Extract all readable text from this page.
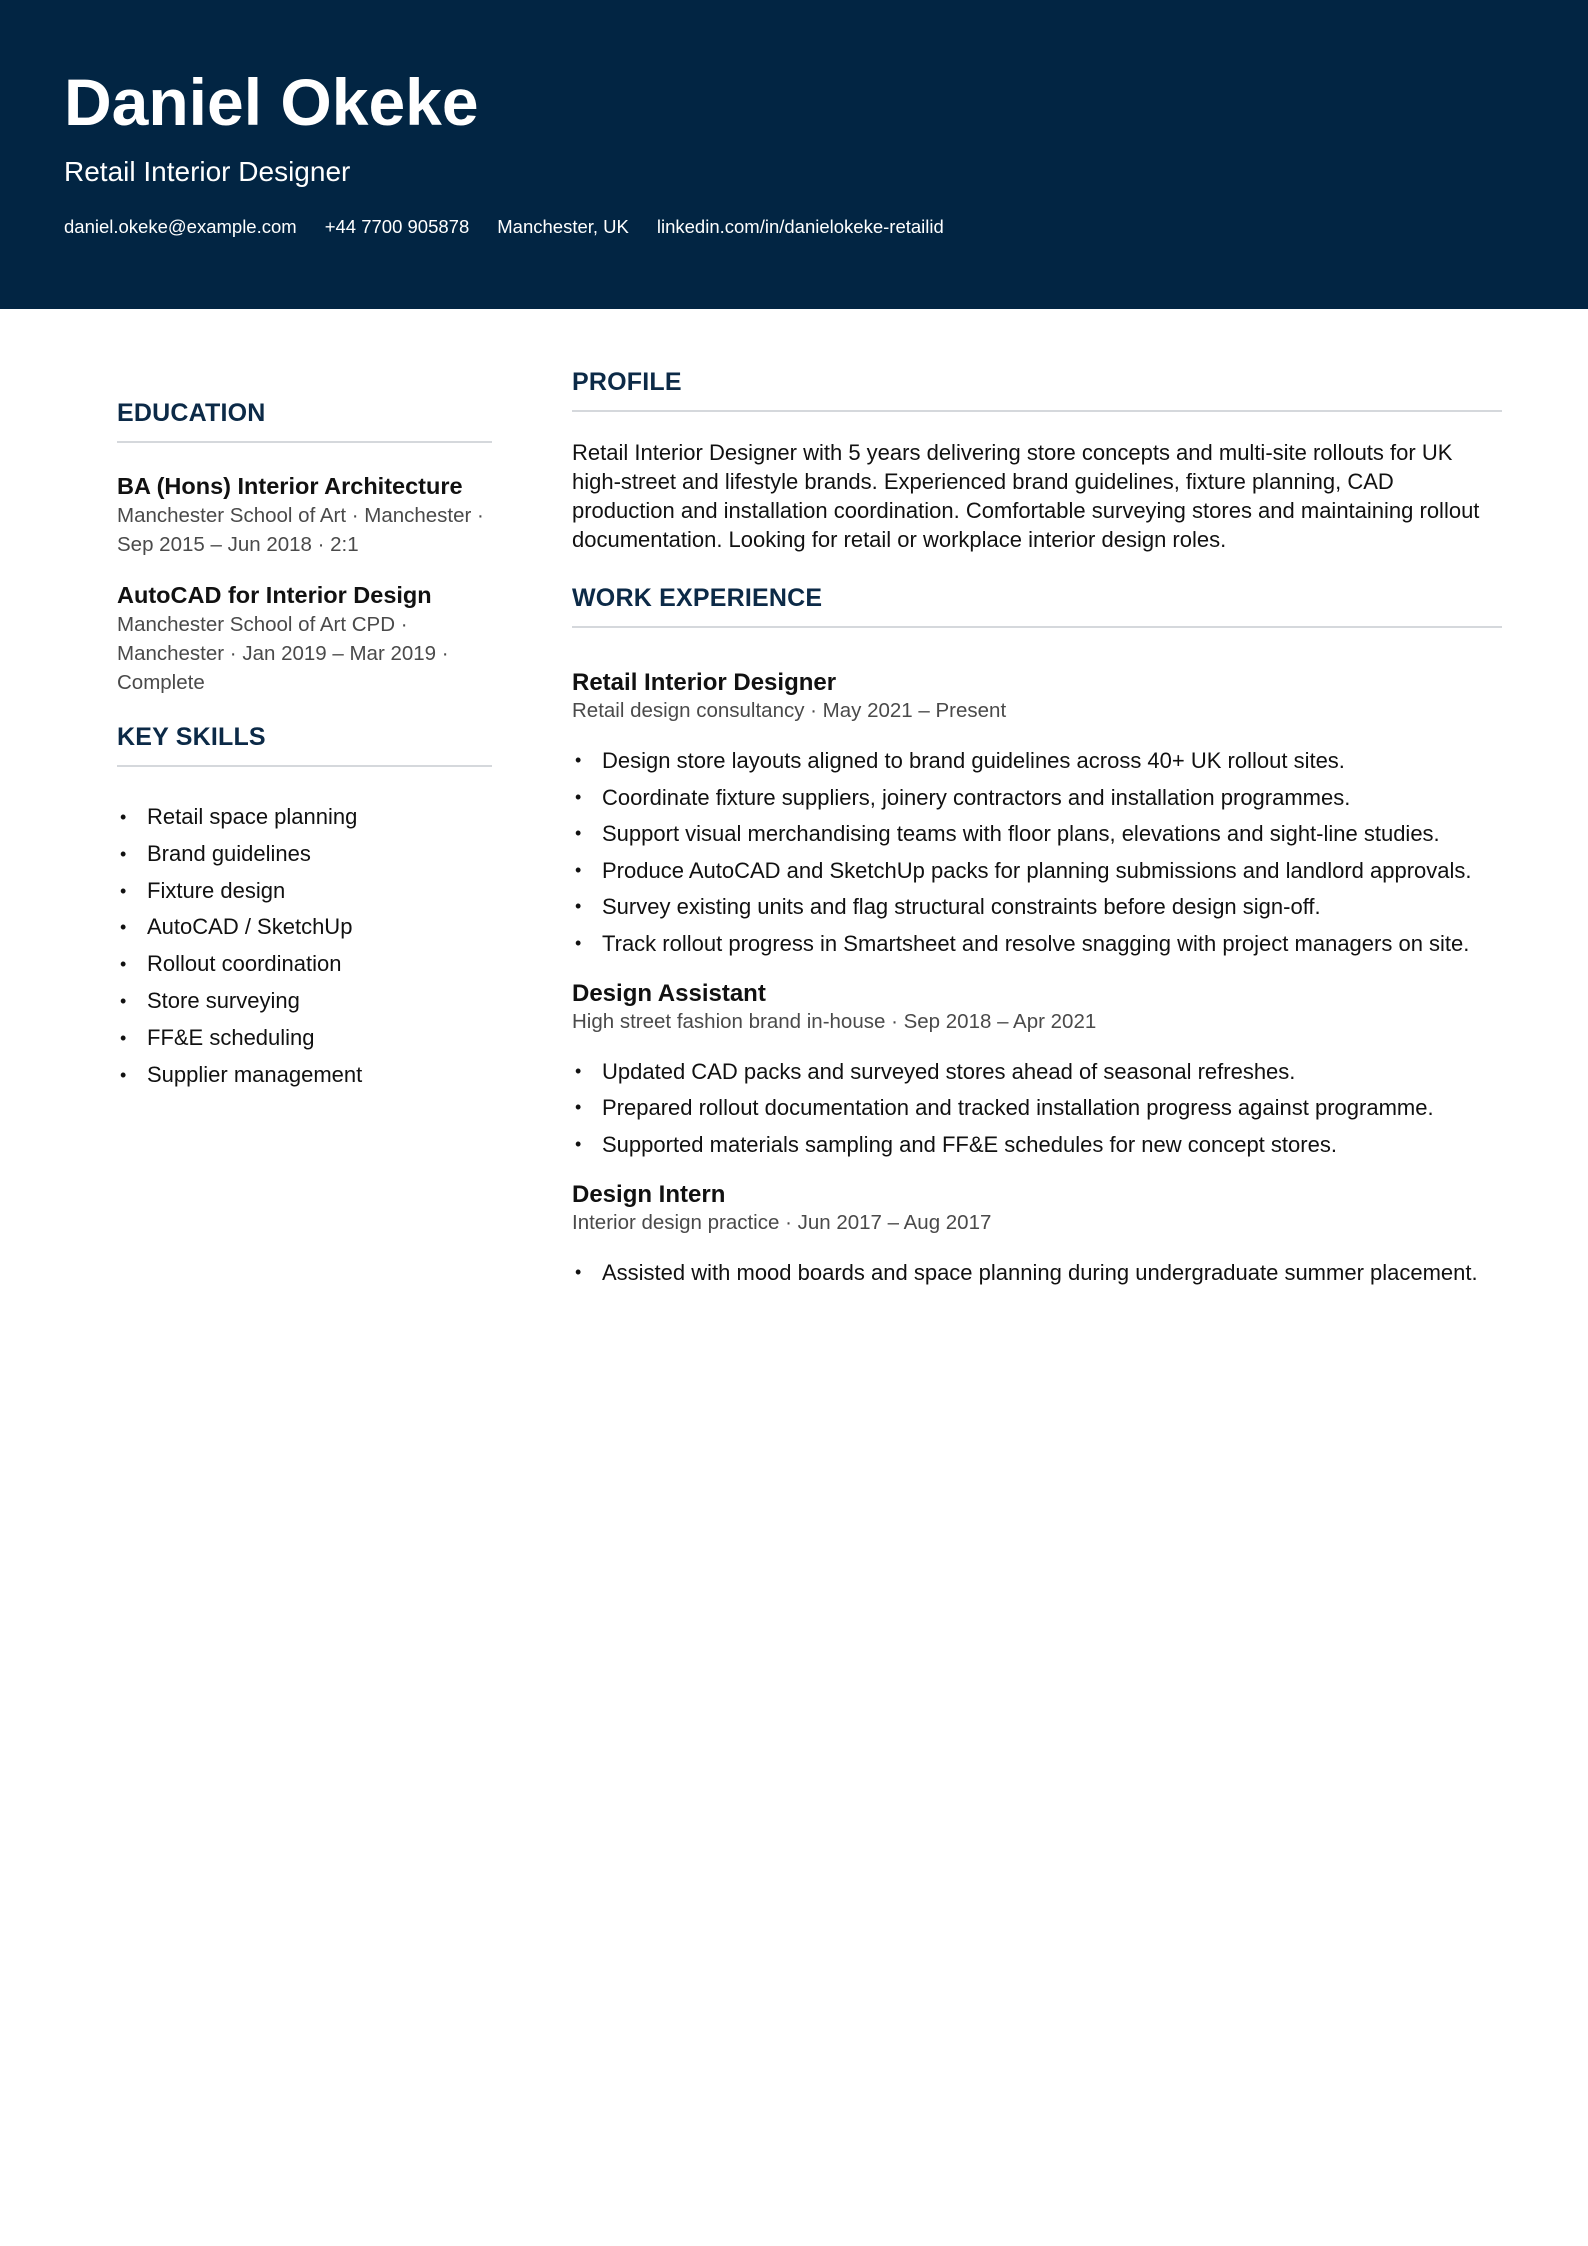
Daniel Okeke
Retail Interior Designer
daniel.okeke@example.com +44 7700 905878 Manchester, UK linkedin.com/in/danielokeke-retailid
EDUCATION
BA (Hons) Interior Architecture
Manchester School of Art · Manchester · Sep 2015 – Jun 2018 · 2:1
AutoCAD for Interior Design
Manchester School of Art CPD · Manchester · Jan 2019 – Mar 2019 · Complete
KEY SKILLS
• Retail space planning
• Brand guidelines
• Fixture design
• AutoCAD / SketchUp
• Rollout coordination
• Store surveying
• FF&E scheduling
• Supplier management
PROFILE

Retail Interior Designer with 5 years delivering store concepts and multi-site rollouts for UK high-street and lifestyle brands. Experienced brand guidelines, fixture planning, CAD production and installation coordination. Comfortable surveying stores and maintaining rollout documentation. Looking for retail or workplace interior design roles.

WORK EXPERIENCE
Retail Interior Designer
Retail design consultancy · May 2021 – Present
• Design store layouts aligned to brand guidelines across 40+ UK rollout sites.
• Coordinate fixture suppliers, joinery contractors and installation programmes.
• Support visual merchandising teams with floor plans, elevations and sight-line studies.
• Produce AutoCAD and SketchUp packs for planning submissions and landlord approvals.
• Survey existing units and flag structural constraints before design sign-off.
• Track rollout progress in Smartsheet and resolve snagging with project managers on site.
Design Assistant
High street fashion brand in-house · Sep 2018 – Apr 2021
• Updated CAD packs and surveyed stores ahead of seasonal refreshes.
• Prepared rollout documentation and tracked installation progress against programme.
• Supported materials sampling and FF&E schedules for new concept stores.
Design Intern
Interior design practice · Jun 2017 – Aug 2017
• Assisted with mood boards and space planning during undergraduate summer placement.
